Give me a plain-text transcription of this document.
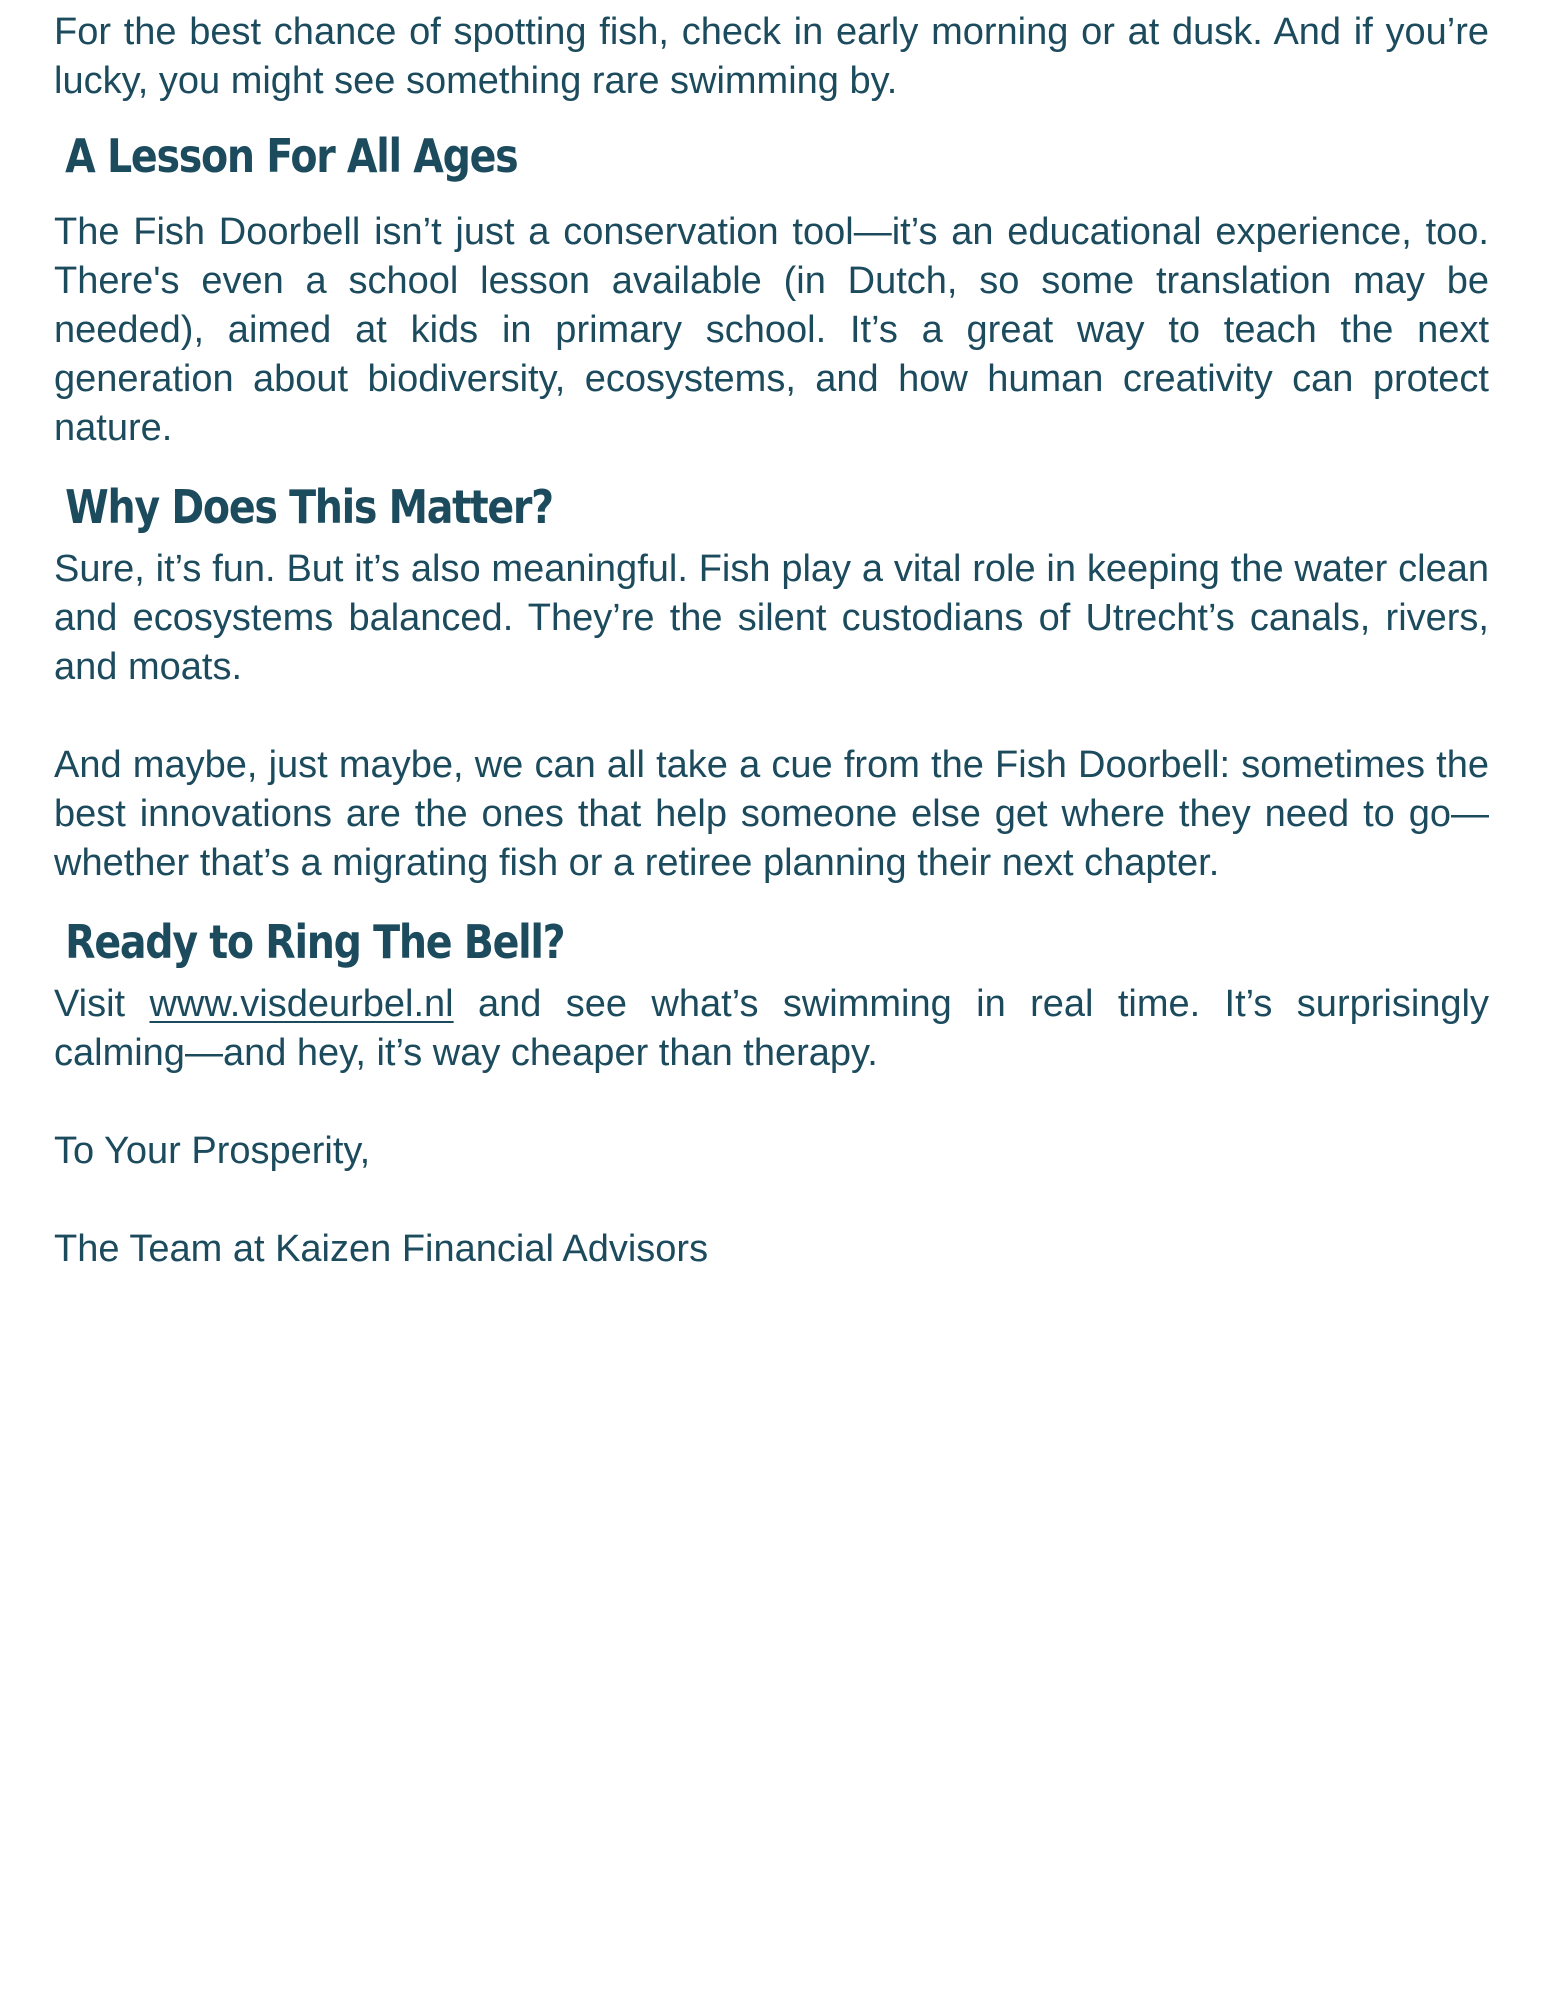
For the best chance of spotting fish, check in early morning or at dusk. And if you’re lucky, you might see something rare swimming by.

A Lesson For All Ages

The Fish Doorbell isn’t just a conservation tool—it’s an educational experience, too. There's even a school lesson available (in Dutch, so some translation may be needed), aimed at kids in primary school. It’s a great way to teach the next generation about biodiversity, ecosystems, and how human creativity can protect nature.

Why Does This Matter?

Sure, it’s fun. But it’s also meaningful. Fish play a vital role in keeping the water clean and ecosystems balanced. They’re the silent custodians of Utrecht’s canals, rivers, and moats.

And maybe, just maybe, we can all take a cue from the Fish Doorbell: sometimes the best innovations are the ones that help someone else get where they need to go—whether that’s a migrating fish or a retiree planning their next chapter.

Ready to Ring The Bell?

Visit www.visdeurbel.nl and see what’s swimming in real time. It’s surprisingly calming—and hey, it’s way cheaper than therapy.

To Your Prosperity,

The Team at Kaizen Financial Advisors
